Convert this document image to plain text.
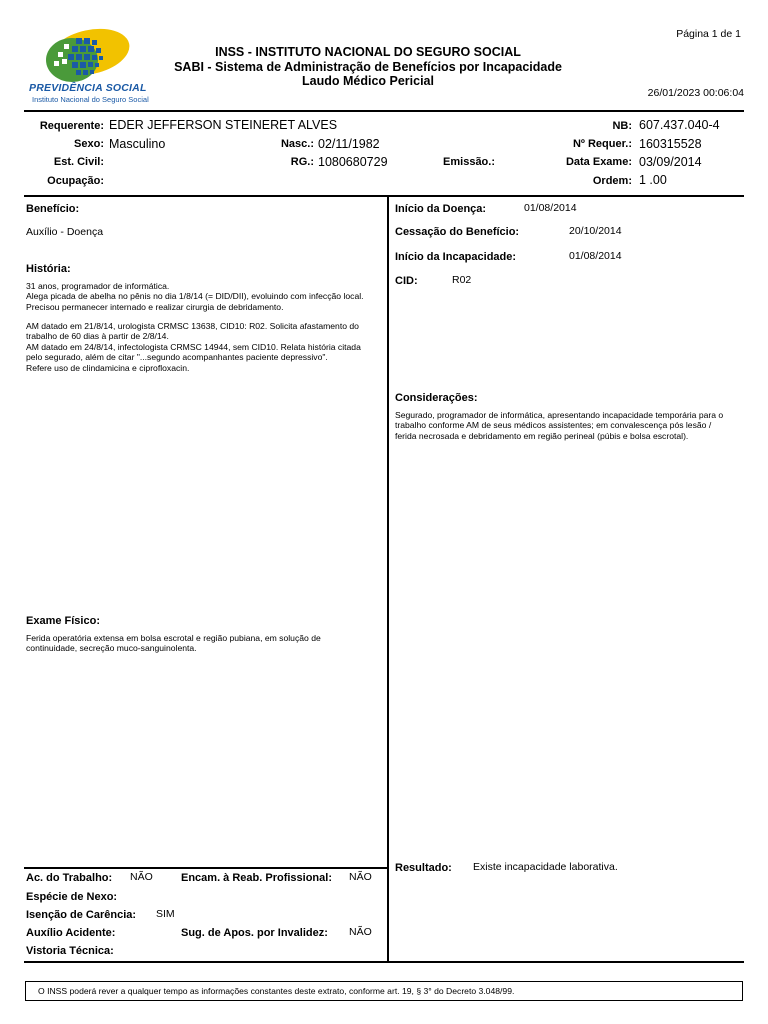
Página 1 de 1
PREVIDÊNCIA SOCIAL
Instituto Nacional do Seguro Social
INSS - INSTITUTO NACIONAL DO SEGURO SOCIAL
SABI - Sistema de Administração de Benefícios por Incapacidade
Laudo Médico Pericial
26/01/2023 00:06:04
Requerente: EDER JEFFERSON STEINERET ALVES	NB: 607.437.040-4
Sexo: Masculino	Nasc.: 02/11/1982	Nº Requer.: 160315528
Est. Civil:	RG.: 1080680729	Emissão.:	Data Exame: 03/09/2014
Ocupação:	Ordem: 1 .00
Benefício:
Auxílio - Doença
História:
31 anos, programador de informática.
Alega picada de abelha no pênis no dia 1/8/14 (= DID/DII), evoluindo com infecção local.
Precisou permanecer internado e realizar cirurgia de debridamento.
AM datado em 21/8/14, urologista CRMSC 13638, CID10: R02. Solicita afastamento do
trabalho de 60 dias à partir de 2/8/14.
AM datado em 24/8/14, infectologista CRMSC 14944, sem CID10. Relata história citada
pelo segurado, além de citar "...segundo acompanhantes paciente depressivo".
Refere uso de clindamicina e ciprofloxacin.
Exame Físico:
Ferida operatória extensa em bolsa escrotal e região pubiana, em solução de
continuidade, secreção muco-sanguinolenta.
Ac. do Trabalho: NÃO	Encam. à Reab. Profissional: NÃO
Espécie de Nexo:
Isenção de Carência: SIM
Auxílio Acidente:	Sug. de Apos. por Invalidez: NÃO
Vistoria Técnica:
Início da Doença:	01/08/2014
Cessação do Benefício:	20/10/2014
Início da Incapacidade:	01/08/2014
CID:	R02
Considerações:
Segurado, programador de informática, apresentando incapacidade temporária para o
trabalho conforme AM de seus médicos assistentes; em convalescença pós lesão /
ferida necrosada e debridamento em região perineal (púbis e bolsa escrotal).
Resultado: Existe incapacidade laborativa.
O INSS poderá rever a qualquer tempo as informações constantes deste extrato, conforme art. 19, § 3° do Decreto 3.048/99.
